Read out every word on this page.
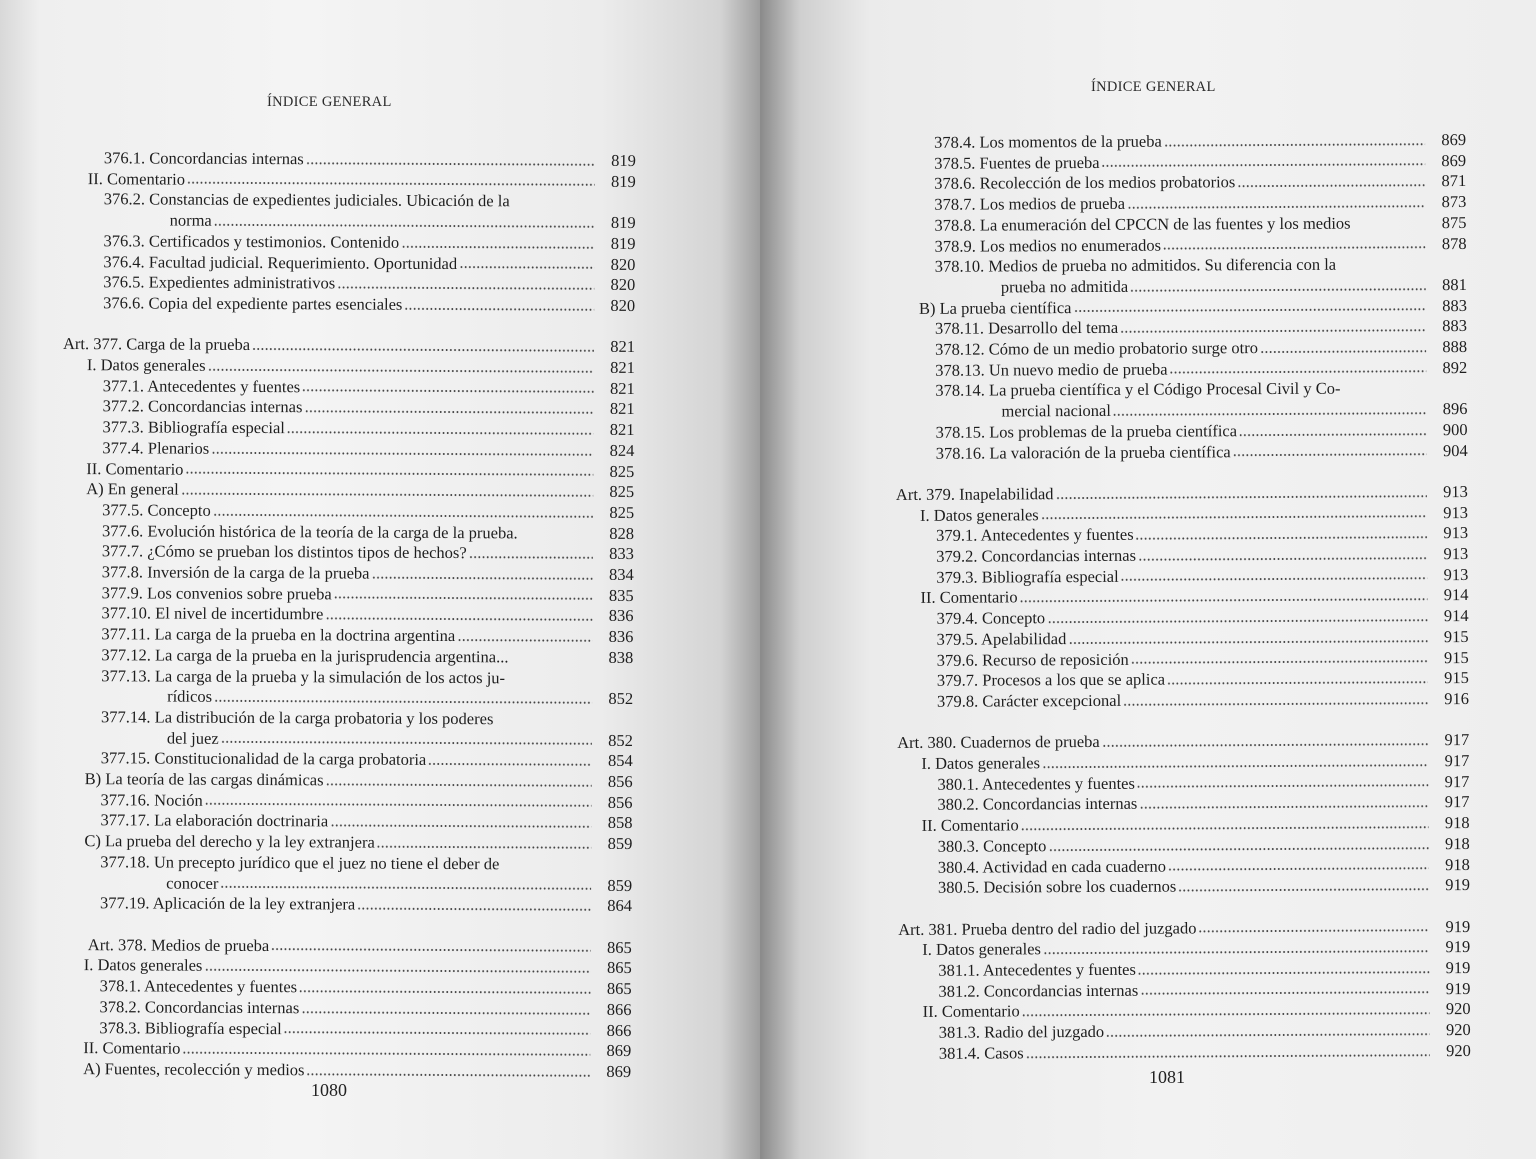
ÍNDICE GENERAL
376.1. Concordancias internas	819
II. Comentario	819
376.2. Constancias de expedientes judiciales. Ubicación de la
norma	819
376.3. Certificados y testimonios. Contenido	819
376.4. Facultad judicial. Requerimiento. Oportunidad	820
376.5. Expedientes administrativos	820
376.6. Copia del expediente partes esenciales	820
Art. 377. Carga de la prueba	821
I. Datos generales	821
377.1. Antecedentes y fuentes	821
377.2. Concordancias internas	821
377.3. Bibliografía especial	821
377.4. Plenarios	824
II. Comentario	825
A) En general	825
377.5. Concepto	825
377.6. Evolución histórica de la teoría de la carga de la prueba.	828
377.7. ¿Cómo se prueban los distintos tipos de hechos?	833
377.8. Inversión de la carga de la prueba	834
377.9. Los convenios sobre prueba	835
377.10. El nivel de incertidumbre	836
377.11. La carga de la prueba en la doctrina argentina	836
377.12. La carga de la prueba en la jurisprudencia argentina...	838
377.13. La carga de la prueba y la simulación de los actos ju-
rídicos	852
377.14. La distribución de la carga probatoria y los poderes
del juez	852
377.15. Constitucionalidad de la carga probatoria	854
B) La teoría de las cargas dinámicas	856
377.16. Noción	856
377.17. La elaboración doctrinaria	858
C) La prueba del derecho y la ley extranjera	859
377.18. Un precepto jurídico que el juez no tiene el deber de
conocer	859
377.19. Aplicación de la ley extranjera	864
Art. 378. Medios de prueba	865
I. Datos generales	865
378.1. Antecedentes y fuentes	865
378.2. Concordancias internas	866
378.3. Bibliografía especial	866
II. Comentario	869
A) Fuentes, recolección y medios	869
1080
ÍNDICE GENERAL
378.4. Los momentos de la prueba	869
378.5. Fuentes de prueba	869
378.6. Recolección de los medios probatorios	871
378.7. Los medios de prueba	873
378.8. La enumeración del CPCCN de las fuentes y los medios	875
378.9. Los medios no enumerados	878
378.10. Medios de prueba no admitidos. Su diferencia con la
prueba no admitida	881
B) La prueba científica	883
378.11. Desarrollo del tema	883
378.12. Cómo de un medio probatorio surge otro	888
378.13. Un nuevo medio de prueba	892
378.14. La prueba científica y el Código Procesal Civil y Co-
mercial nacional	896
378.15. Los problemas de la prueba científica	900
378.16. La valoración de la prueba científica	904
Art. 379. Inapelabilidad	913
I. Datos generales	913
379.1. Antecedentes y fuentes	913
379.2. Concordancias internas	913
379.3. Bibliografía especial	913
II. Comentario	914
379.4. Concepto	914
379.5. Apelabilidad	915
379.6. Recurso de reposición	915
379.7. Procesos a los que se aplica	915
379.8. Carácter excepcional	916
Art. 380. Cuadernos de prueba	917
I. Datos generales	917
380.1. Antecedentes y fuentes	917
380.2. Concordancias internas	917
II. Comentario	918
380.3. Concepto	918
380.4. Actividad en cada cuaderno	918
380.5. Decisión sobre los cuadernos	919
Art. 381. Prueba dentro del radio del juzgado	919
I. Datos generales	919
381.1. Antecedentes y fuentes	919
381.2. Concordancias internas	919
II. Comentario	920
381.3. Radio del juzgado	920
381.4. Casos	920
1081
